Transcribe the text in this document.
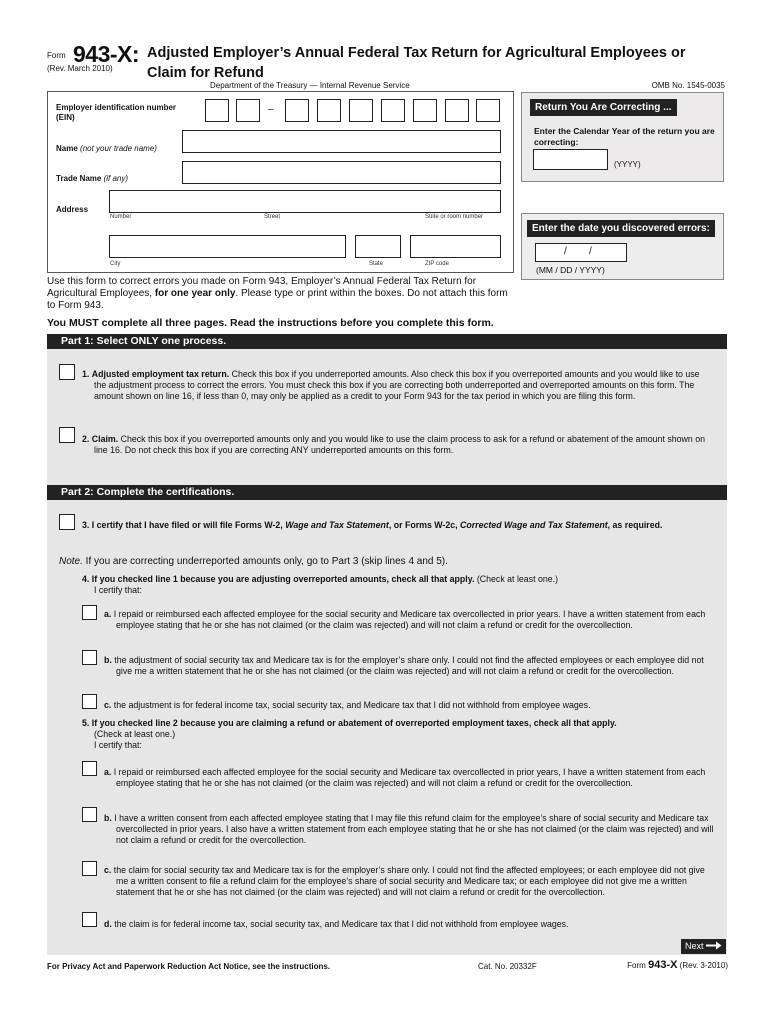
Form 943-X:
(Rev. March 2010)
Adjusted Employer’s Annual Federal Tax Return for Agricultural Employees or Claim for Refund
Department of the Treasury — Internal Revenue Service	OMB No. 1545-0035
Employer identification number
(EIN)
–
Name (not your trade name)
Trade Name (if any)
Address
Number	Street	Suite or room number
City	State	ZIP code
Return You Are Correcting ...
Enter the Calendar Year of the return you are correcting:
(YYYY)
Enter the date you discovered errors:
/        /
(MM / DD / YYYY)
Use this form to correct errors you made on Form 943, Employer’s Annual Federal Tax Return for Agricultural Employees, for one year only. Please type or print within the boxes. Do not attach this form to Form 943.
You MUST complete all three pages. Read the instructions before you complete this form.
Part 1: Select ONLY one process.
1. Adjusted employment tax return. Check this box if you underreported amounts. Also check this box if you overreported amounts and you would like to use the adjustment process to correct the errors. You must check this box if you are correcting both underreported and overreported amounts on this form. The amount shown on line 16, if less than 0, may only be applied as a credit to your Form 943 for the tax period in which you are filing this form.
2. Claim. Check this box if you overreported amounts only and you would like to use the claim process to ask for a refund or abatement of the amount shown on line 16. Do not check this box if you are correcting ANY underreported amounts on this form.
Part 2: Complete the certifications.
3. I certify that I have filed or will file Forms W-2, Wage and Tax Statement, or Forms W-2c, Corrected Wage and Tax Statement, as required.
Note. If you are correcting underreported amounts only, go to Part 3 (skip lines 4 and 5).
4. If you checked line 1 because you are adjusting overreported amounts, check all that apply. (Check at least one.)
I certify that:
a. I repaid or reimbursed each affected employee for the social security and Medicare tax overcollected in prior years. I have a written statement from each employee stating that he or she has not claimed (or the claim was rejected) and will not claim a refund or credit for the overcollection.
b. the adjustment of social security tax and Medicare tax is for the employer’s share only. I could not find the affected employees or each employee did not give me a written statement that he or she has not claimed (or the claim was rejected) and will not claim a refund or credit for the overcollection.
c. the adjustment is for federal income tax, social security tax, and Medicare tax that I did not withhold from employee wages.
5. If you checked line 2 because you are claiming a refund or abatement of overreported employment taxes, check all that apply.
(Check at least one.)
I certify that:
a. I repaid or reimbursed each affected employee for the social security and Medicare tax overcollected in prior years, I have a written statement from each employee stating that he or she has not claimed (or the claim was rejected) and will not claim a refund or credit for the overcollection.
b. I have a written consent from each affected employee stating that I may file this refund claim for the employee’s share of social security and Medicare tax overcollected in prior years. I also have a written statement from each employee stating that he or she has not claimed (or the claim was rejected) and will not claim a refund or credit for the overcollection.
c. the claim for social security tax and Medicare tax is for the employer’s share only. I could not find the affected employees; or each employee did not give me a written consent to file a refund claim for the employee’s share of social security and Medicare tax; or each employee did not give me a written statement that he or she has not claimed (or the claim was rejected) and will not claim a refund or credit for the overcollection.
d. the claim is for federal income tax, social security tax, and Medicare tax that I did not withhold from employee wages.
Next
For Privacy Act and Paperwork Reduction Act Notice, see the instructions.	Cat. No. 20332F	Form 943-X (Rev. 3-2010)
